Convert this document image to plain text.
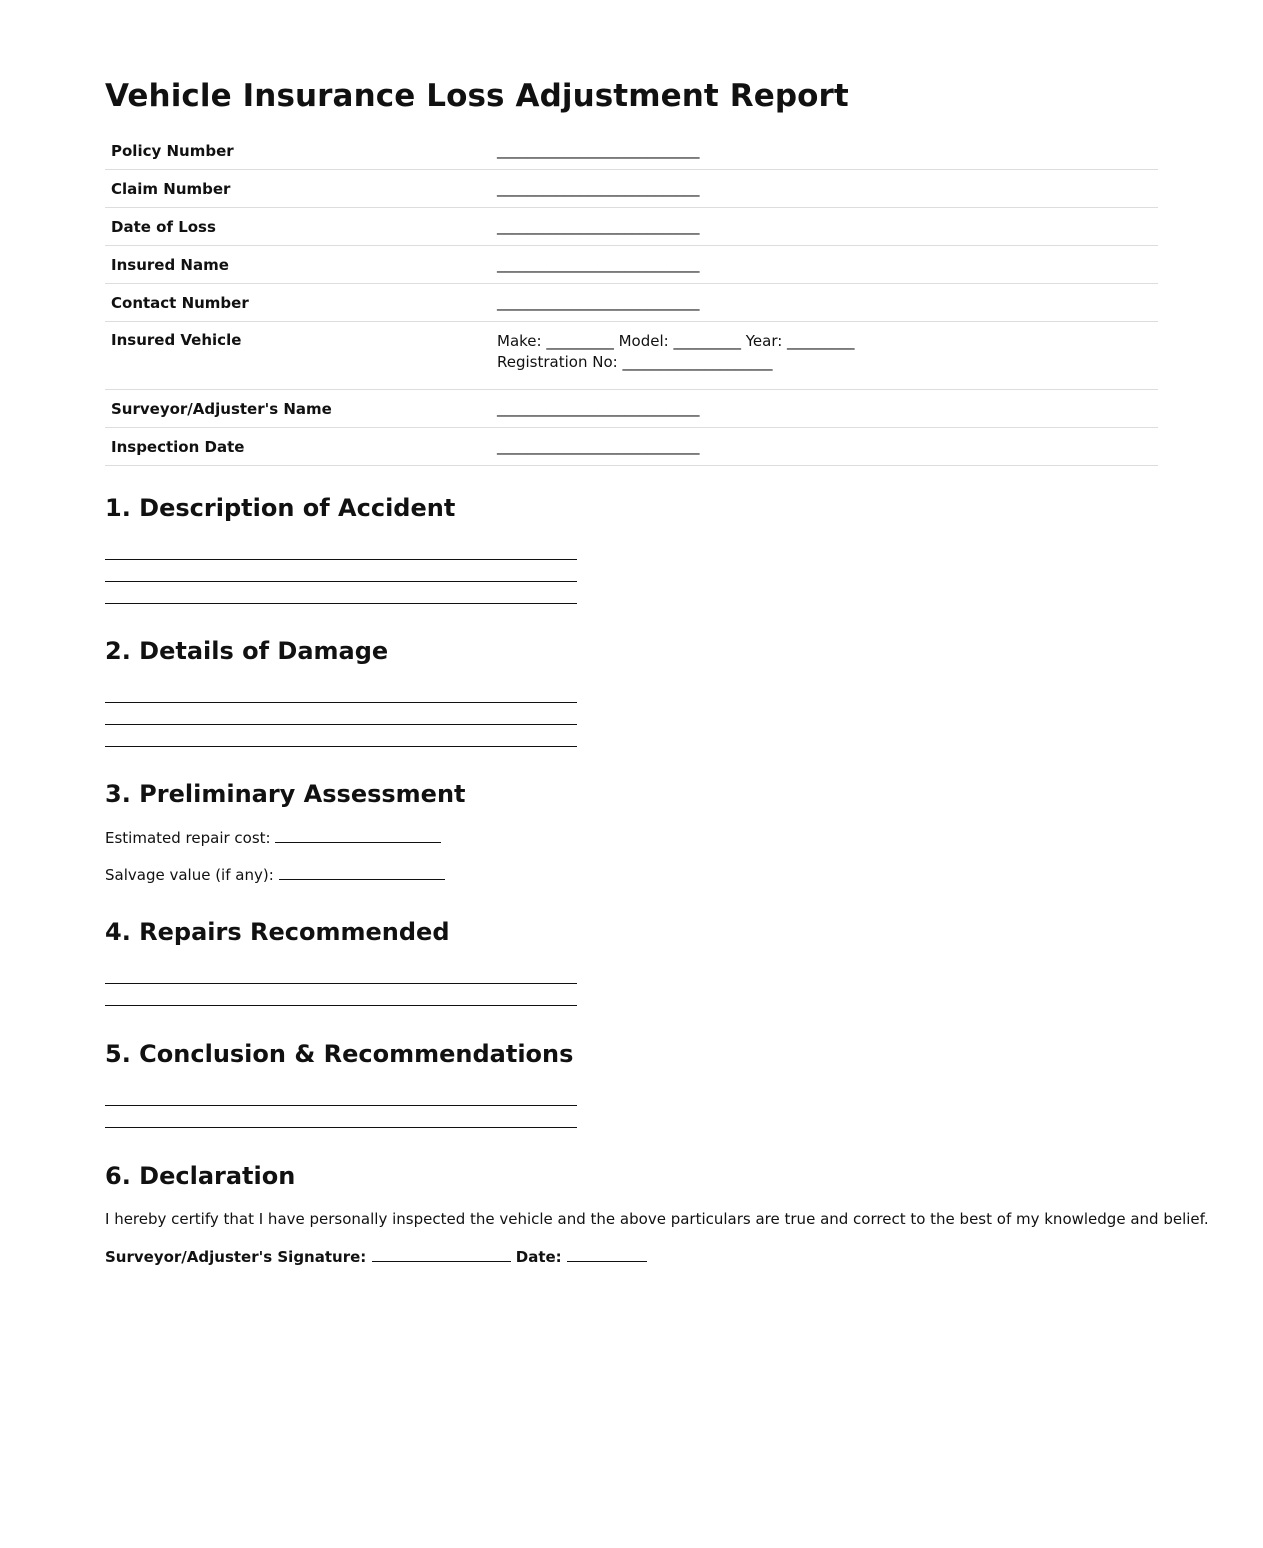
Vehicle Insurance Loss Adjustment Report
Policy Number	___________________________
Claim Number	___________________________
Date of Loss	___________________________
Insured Name	___________________________
Contact Number	___________________________
Insured Vehicle	Make: _________ Model: _________ Year: _________
Registration No: ____________________

Surveyor/Adjuster's Name	___________________________
Inspection Date	___________________________
1. Description of Accident
2. Details of Damage
3. Preliminary Assessment
Estimated repair cost:
Salvage value (if any):
4. Repairs Recommended
5. Conclusion & Recommendations
6. Declaration
I hereby certify that I have personally inspected the vehicle and the above particulars are true and correct to the best of my knowledge and belief.
Surveyor/Adjuster's Signature:	Date:
